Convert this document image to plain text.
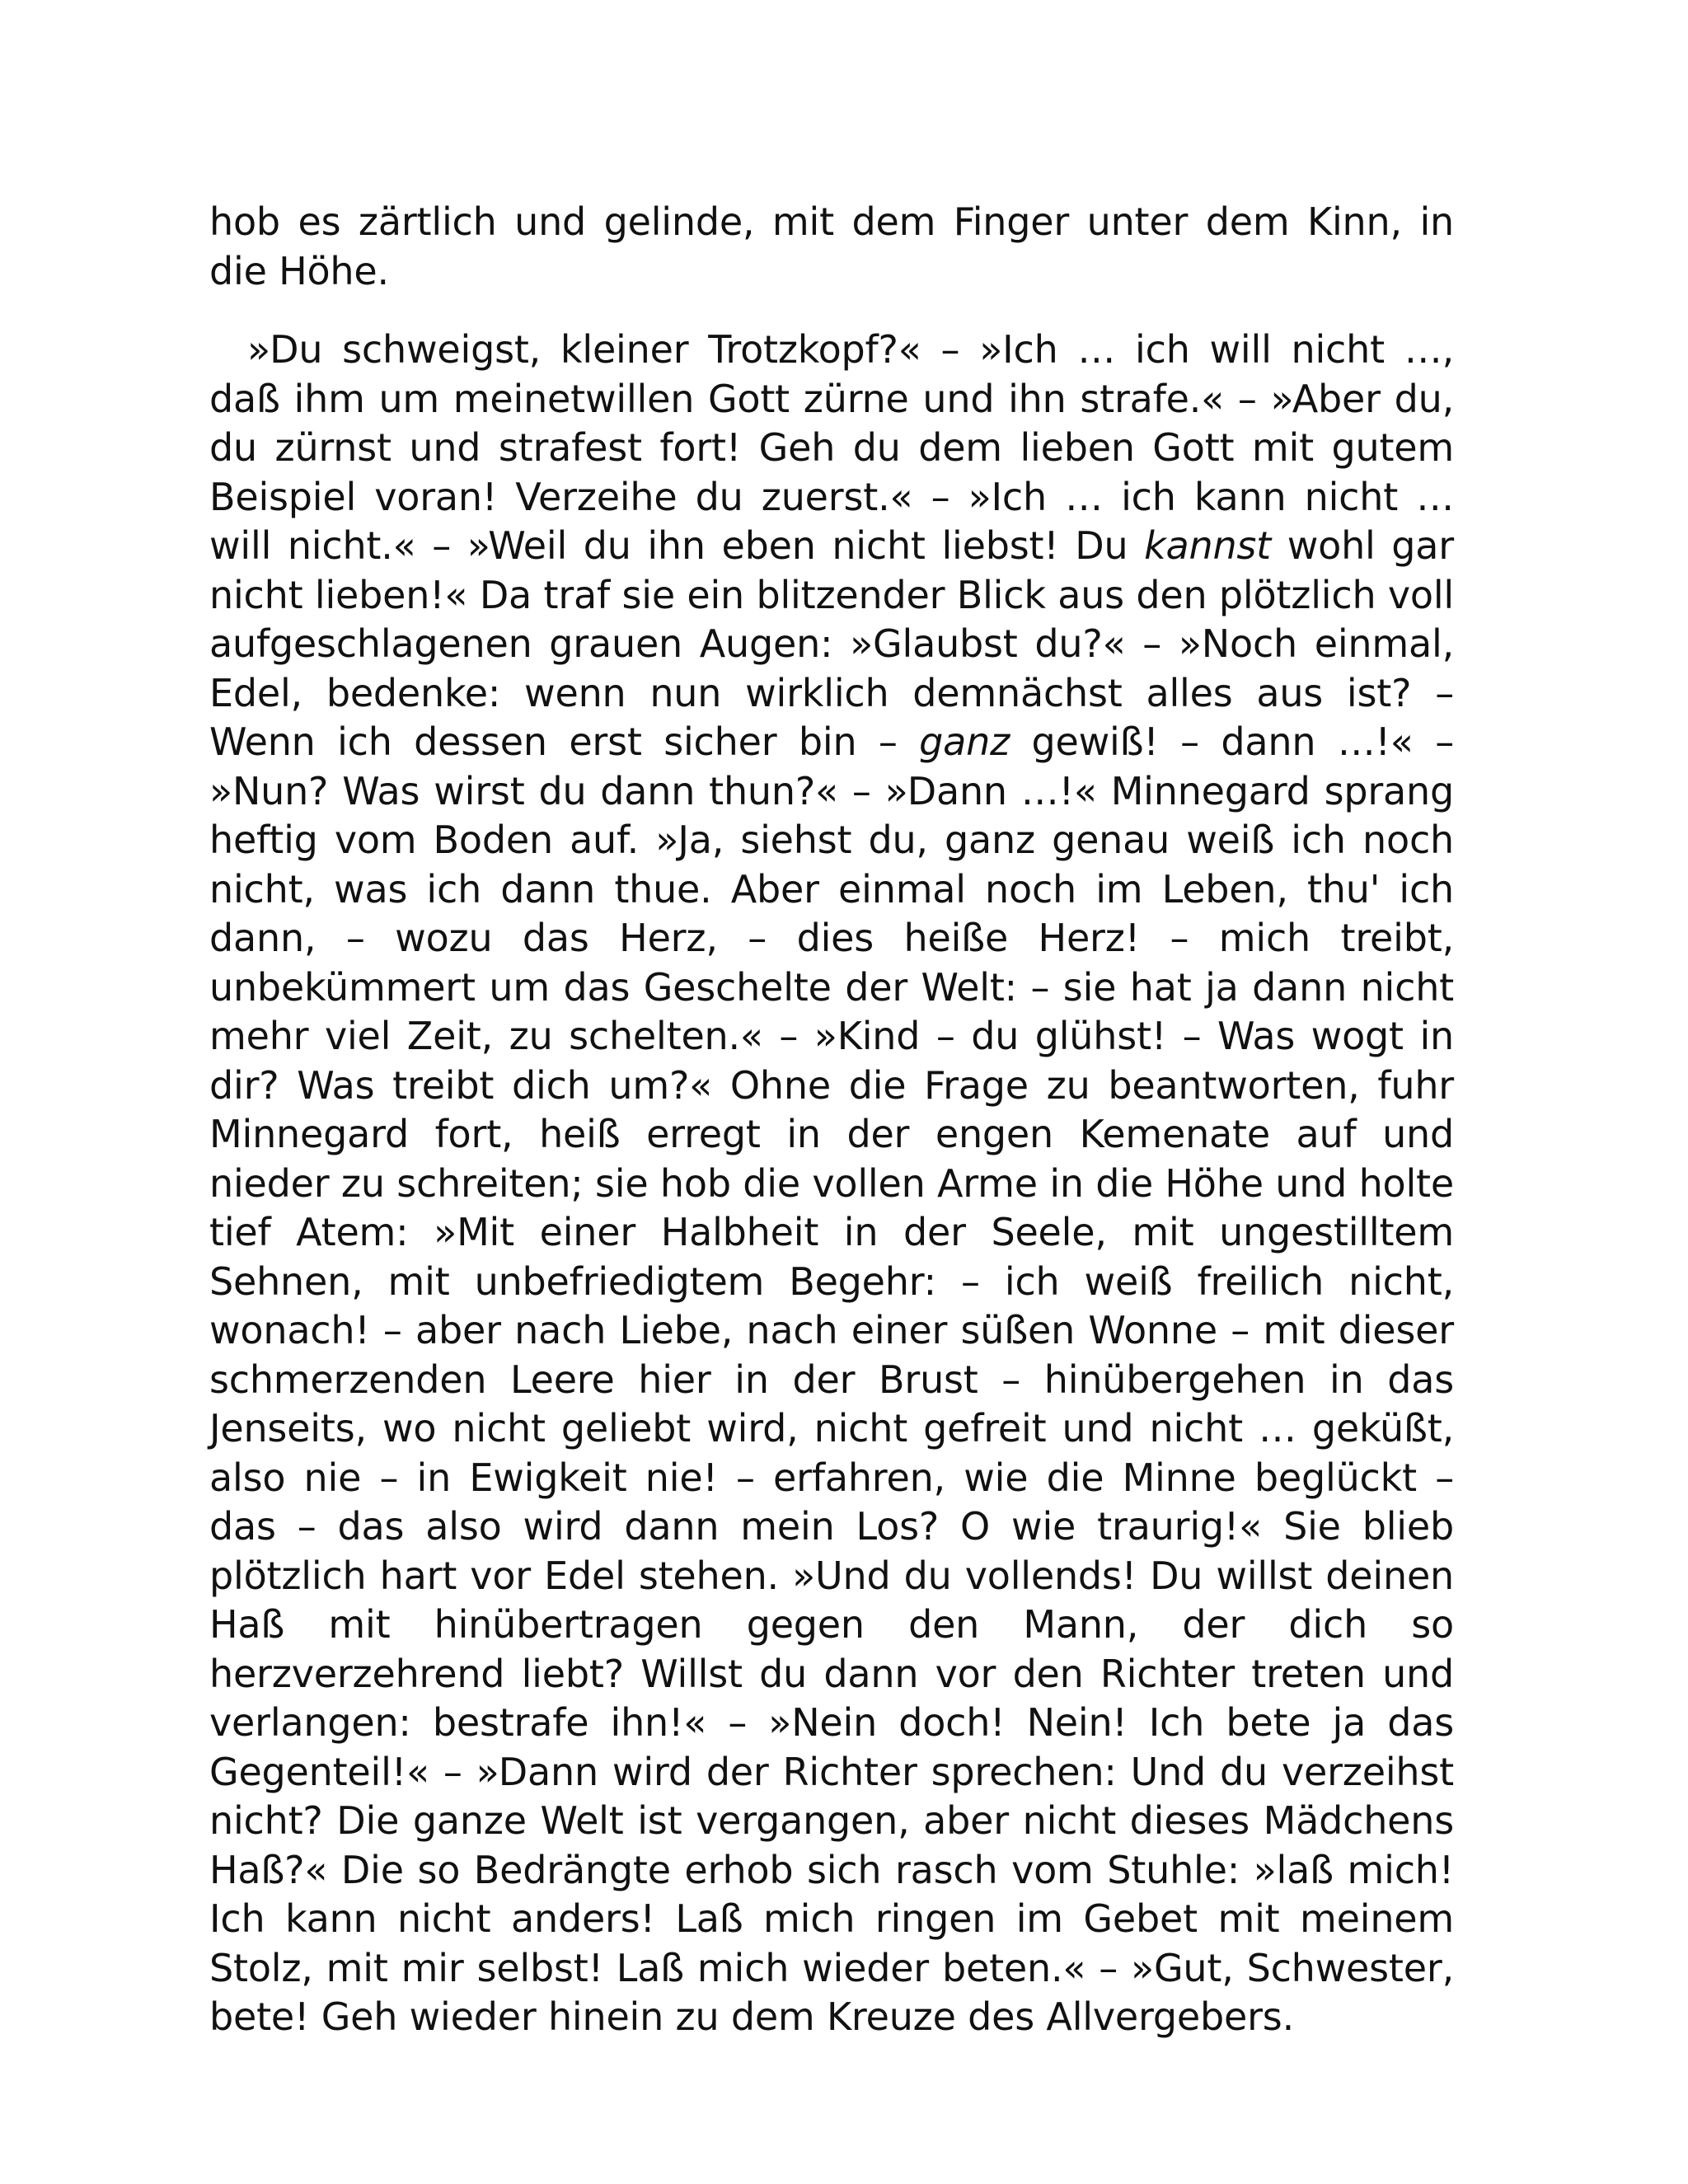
hob es zärtlich und gelinde, mit dem Finger unter dem Kinn, in die Höhe.

»Du schweigst, kleiner Trotzkopf?« – »Ich … ich will nicht …, daß ihm um meinetwillen Gott zürne und ihn strafe.« – »Aber du, du zürnst und strafest fort! Geh du dem lieben Gott mit gutem Beispiel voran! Verzeihe du zuerst.« – »Ich … ich kann nicht … will nicht.« – »Weil du ihn eben nicht liebst! Du kannst wohl gar nicht lieben!« Da traf sie ein blitzender Blick aus den plötzlich voll aufgeschlagenen grauen Augen: »Glaubst du?« – »Noch einmal, Edel, bedenke: wenn nun wirklich demnächst alles aus ist? – Wenn ich dessen erst sicher bin – ganz gewiß! – dann …!« – »Nun? Was wirst du dann thun?« – »Dann …!« Minnegard sprang heftig vom Boden auf. »Ja, siehst du, ganz genau weiß ich noch nicht, was ich dann thue. Aber einmal noch im Leben, thu' ich dann, – wozu das Herz, – dies heiße Herz! – mich treibt, unbekümmert um das Geschelte der Welt: – sie hat ja dann nicht mehr viel Zeit, zu schelten.« – »Kind – du glühst! – Was wogt in dir? Was treibt dich um?« Ohne die Frage zu beantworten, fuhr Minnegard fort, heiß erregt in der engen Kemenate auf und nieder zu schreiten; sie hob die vollen Arme in die Höhe und holte tief Atem: »Mit einer Halbheit in der Seele, mit ungestilltem Sehnen, mit unbefriedigtem Begehr: – ich weiß freilich nicht, wonach! – aber nach Liebe, nach einer süßen Wonne – mit dieser schmerzenden Leere hier in der Brust – hinübergehen in das Jenseits, wo nicht geliebt wird, nicht gefreit und nicht … geküßt, also nie – in Ewigkeit nie! – erfahren, wie die Minne beglückt – das – das also wird dann mein Los? O wie traurig!« Sie blieb plötzlich hart vor Edel stehen. »Und du vollends! Du willst deinen Haß mit hinübertragen gegen den Mann, der dich so herzverzehrend liebt? Willst du dann vor den Richter treten und verlangen: bestrafe ihn!« – »Nein doch! Nein! Ich bete ja das Gegenteil!« – »Dann wird der Richter sprechen: Und du verzeihst nicht? Die ganze Welt ist vergangen, aber nicht dieses Mädchens Haß?« Die so Bedrängte erhob sich rasch vom Stuhle: »laß mich! Ich kann nicht anders! Laß mich ringen im Gebet mit meinem Stolz, mit mir selbst! Laß mich wieder beten.« – »Gut, Schwester, bete! Geh wieder hinein zu dem Kreuze des Allvergebers.
